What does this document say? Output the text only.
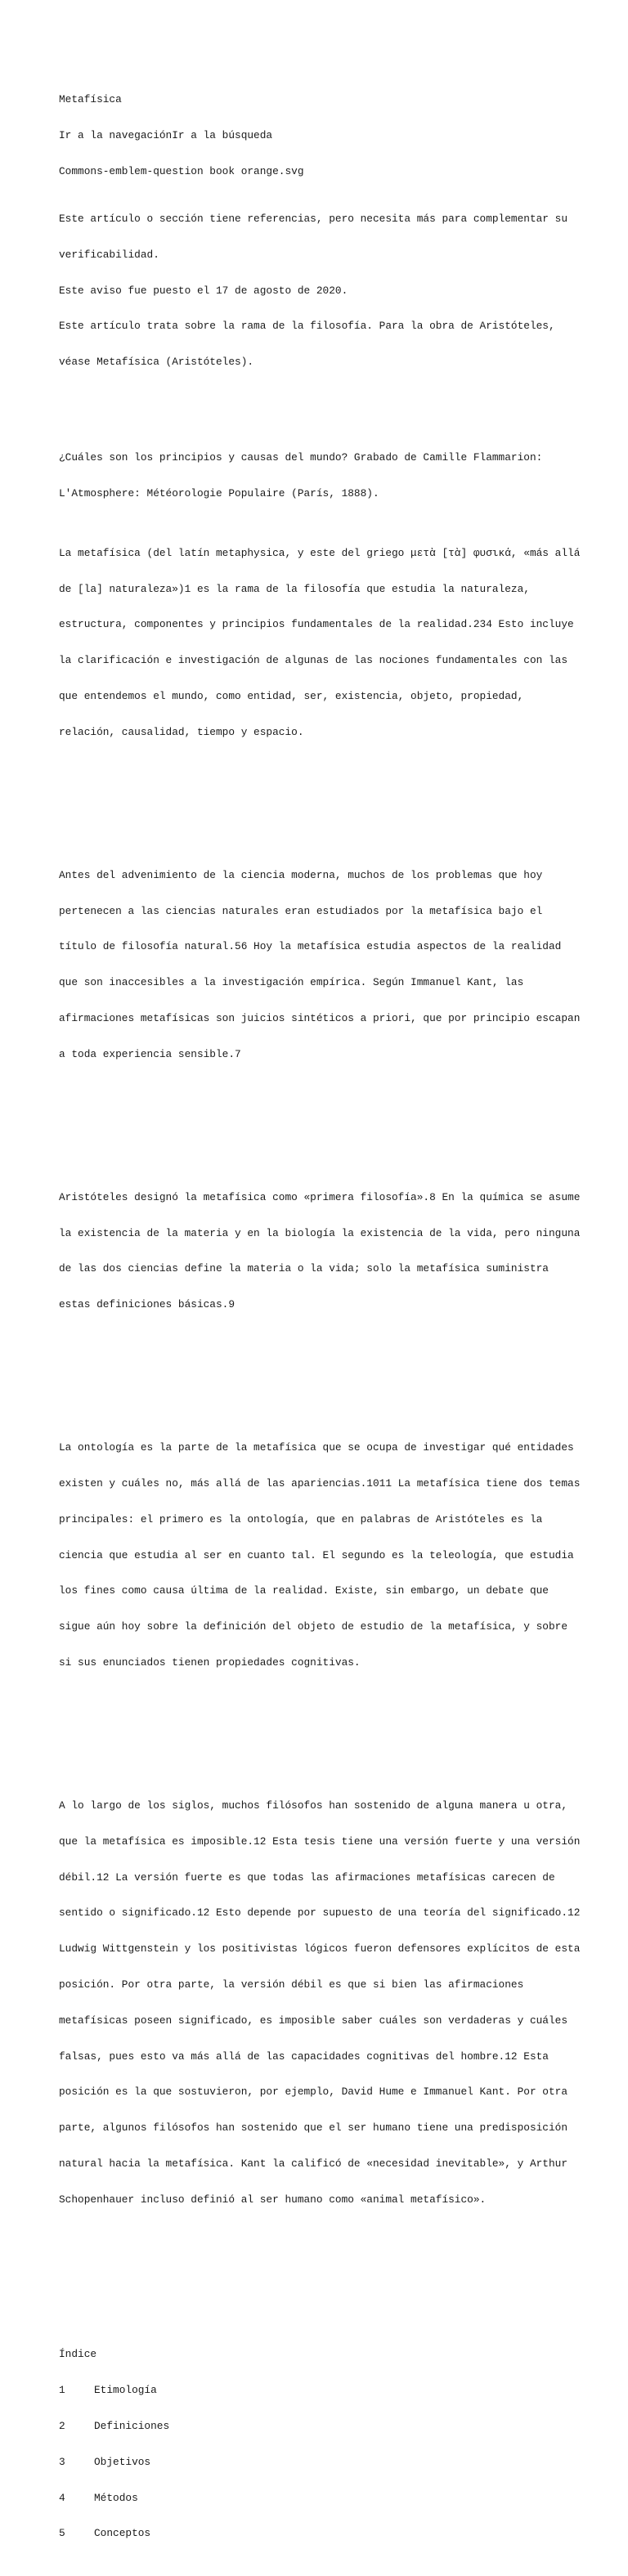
Metafísica

Ir a la navegaciónIr a la búsqueda

Commons-emblem-question book orange.svg

Este artículo o sección tiene referencias, pero necesita más para complementar su

verificabilidad.

Este aviso fue puesto el 17 de agosto de 2020.

Este artículo trata sobre la rama de la filosofía. Para la obra de Aristóteles,

véase Metafísica (Aristóteles).

¿Cuáles son los principios y causas del mundo? Grabado de Camille Flammarion:

L'Atmosphere: Météorologie Populaire (París, 1888).

La metafísica (del latín metaphysica, y este del griego μετὰ [τὰ] φυσικά, «más allá

de [la] naturaleza»)1 es la rama de la filosofía que estudia la naturaleza,

estructura, componentes y principios fundamentales de la realidad.234 Esto incluye

la clarificación e investigación de algunas de las nociones fundamentales con las

que entendemos el mundo, como entidad, ser, existencia, objeto, propiedad,

relación, causalidad, tiempo y espacio.

Antes del advenimiento de la ciencia moderna, muchos de los problemas que hoy

pertenecen a las ciencias naturales eran estudiados por la metafísica bajo el

título de filosofía natural.56 Hoy la metafísica estudia aspectos de la realidad

que son inaccesibles a la investigación empírica. Según Immanuel Kant, las

afirmaciones metafísicas son juicios sintéticos a priori, que por principio escapan

a toda experiencia sensible.7

Aristóteles designó la metafísica como «primera filosofía».8 En la química se asume

la existencia de la materia y en la biología la existencia de la vida, pero ninguna

de las dos ciencias define la materia o la vida; solo la metafísica suministra

estas definiciones básicas.9

La ontología es la parte de la metafísica que se ocupa de investigar qué entidades

existen y cuáles no, más allá de las apariencias.1011 La metafísica tiene dos temas

principales: el primero es la ontología, que en palabras de Aristóteles es la

ciencia que estudia al ser en cuanto tal. El segundo es la teleología, que estudia

los fines como causa última de la realidad. Existe, sin embargo, un debate que

sigue aún hoy sobre la definición del objeto de estudio de la metafísica, y sobre

si sus enunciados tienen propiedades cognitivas.

A lo largo de los siglos, muchos filósofos han sostenido de alguna manera u otra,

que la metafísica es imposible.12 Esta tesis tiene una versión fuerte y una versión

débil.12 La versión fuerte es que todas las afirmaciones metafísicas carecen de

sentido o significado.12 Esto depende por supuesto de una teoría del significado.12

Ludwig Wittgenstein y los positivistas lógicos fueron defensores explícitos de esta

posición. Por otra parte, la versión débil es que si bien las afirmaciones

metafísicas poseen significado, es imposible saber cuáles son verdaderas y cuáles

falsas, pues esto va más allá de las capacidades cognitivas del hombre.12 Esta

posición es la que sostuvieron, por ejemplo, David Hume e Immanuel Kant. Por otra

parte, algunos filósofos han sostenido que el ser humano tiene una predisposición

natural hacia la metafísica. Kant la calificó de «necesidad inevitable», y Arthur

Schopenhauer incluso definió al ser humano como «animal metafísico».

Índice

1	Etimología

2	Definiciones

3	Objetivos

4	Métodos

5	Conceptos
